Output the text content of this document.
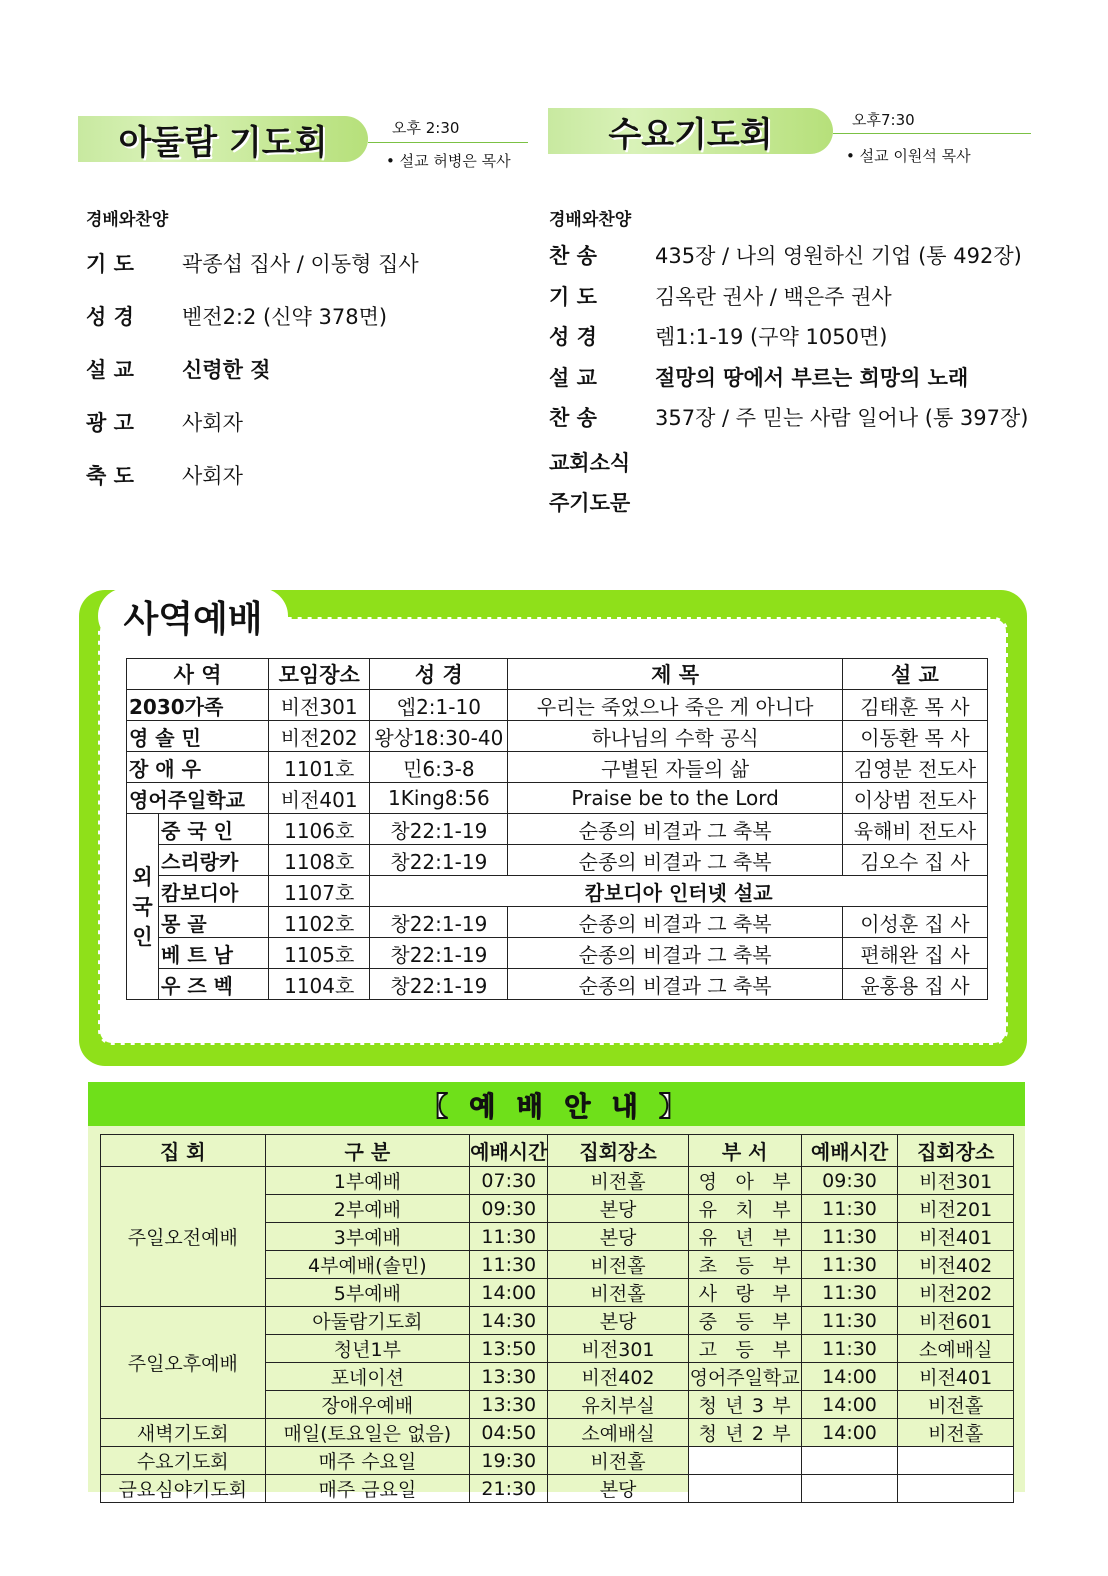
아둘람 기도회	오후 2:30
• 설교 허병은 목사
수요기도회	오후7:30
• 설교 이원석 목사
경배와찬양
기 도	곽종섭 집사 / 이동형 집사
성 경	벧전2:2 (신약 378면)
설 교	신령한 젖
광 고	사회자
축 도	사회자
경배와찬양
찬 송	435장 / 나의 영원하신 기업 (통 492장)
기 도	김옥란 권사 / 백은주 권사
성 경	렘1:1-19 (구약 1050면)
설 교	절망의 땅에서 부르는 희망의 노래
찬 송	357장 / 주 믿는 사람 일어나 (통 397장)
교회소식
주기도문
사역예배
사 역		모임장소	성 경	제 목	설 교
2030가족		비전301	엡2:1-10	우리는 죽었으나 죽은 게 아니다	김태훈 목 사
영 솔 민		비전202	왕상18:30-40	하나님의 수학 공식	이동환 목 사
장 애 우		1101호	민6:3-8	구별된 자들의 삶	김영분 전도사
영어주일학교		비전401	1King8:56	Praise be to the Lord	이상범 전도사
외국인	중 국 인	1106호	창22:1-19	순종의 비결과 그 축복	육해비 전도사
	스리랑카	1108호	창22:1-19	순종의 비결과 그 축복	김오수 집 사
	캄보디아	1107호	캄보디아 인터넷 설교		
	몽 골	1102호	창22:1-19	순종의 비결과 그 축복	이성훈 집 사
	베 트 남	1105호	창22:1-19	순종의 비결과 그 축복	편해완 집 사
	우 즈 벡	1104호	창22:1-19	순종의 비결과 그 축복	윤홍용 집 사
【 예 배 안 내 】
집 회	구 분	예배시간	집회장소	부 서	예배시간	집회장소
주일오전예배	1부예배	07:30	비전홀	영 아 부	09:30	비전301
	2부예배	09:30	본당	유 치 부	11:30	비전201
	3부예배	11:30	본당	유 년 부	11:30	비전401
	4부예배(솔민)	11:30	비전홀	초 등 부	11:30	비전402
	5부예배	14:00	비전홀	사 랑 부	11:30	비전202
주일오후예배	아둘람기도회	14:30	본당	중 등 부	11:30	비전601
	청년1부	13:50	비전301	고 등 부	11:30	소예배실
	포네이션	13:30	비전402	영어주일학교	14:00	비전401
	장애우예배	13:30	유치부실	청 년 3 부	14:00	비전홀
새벽기도회	매일(토요일은 없음)	04:50	소예배실	청 년 2 부	14:00	비전홀
수요기도회	매주 수요일	19:30	비전홀			
금요심야기도회	매주 금요일	21:30	본당			
